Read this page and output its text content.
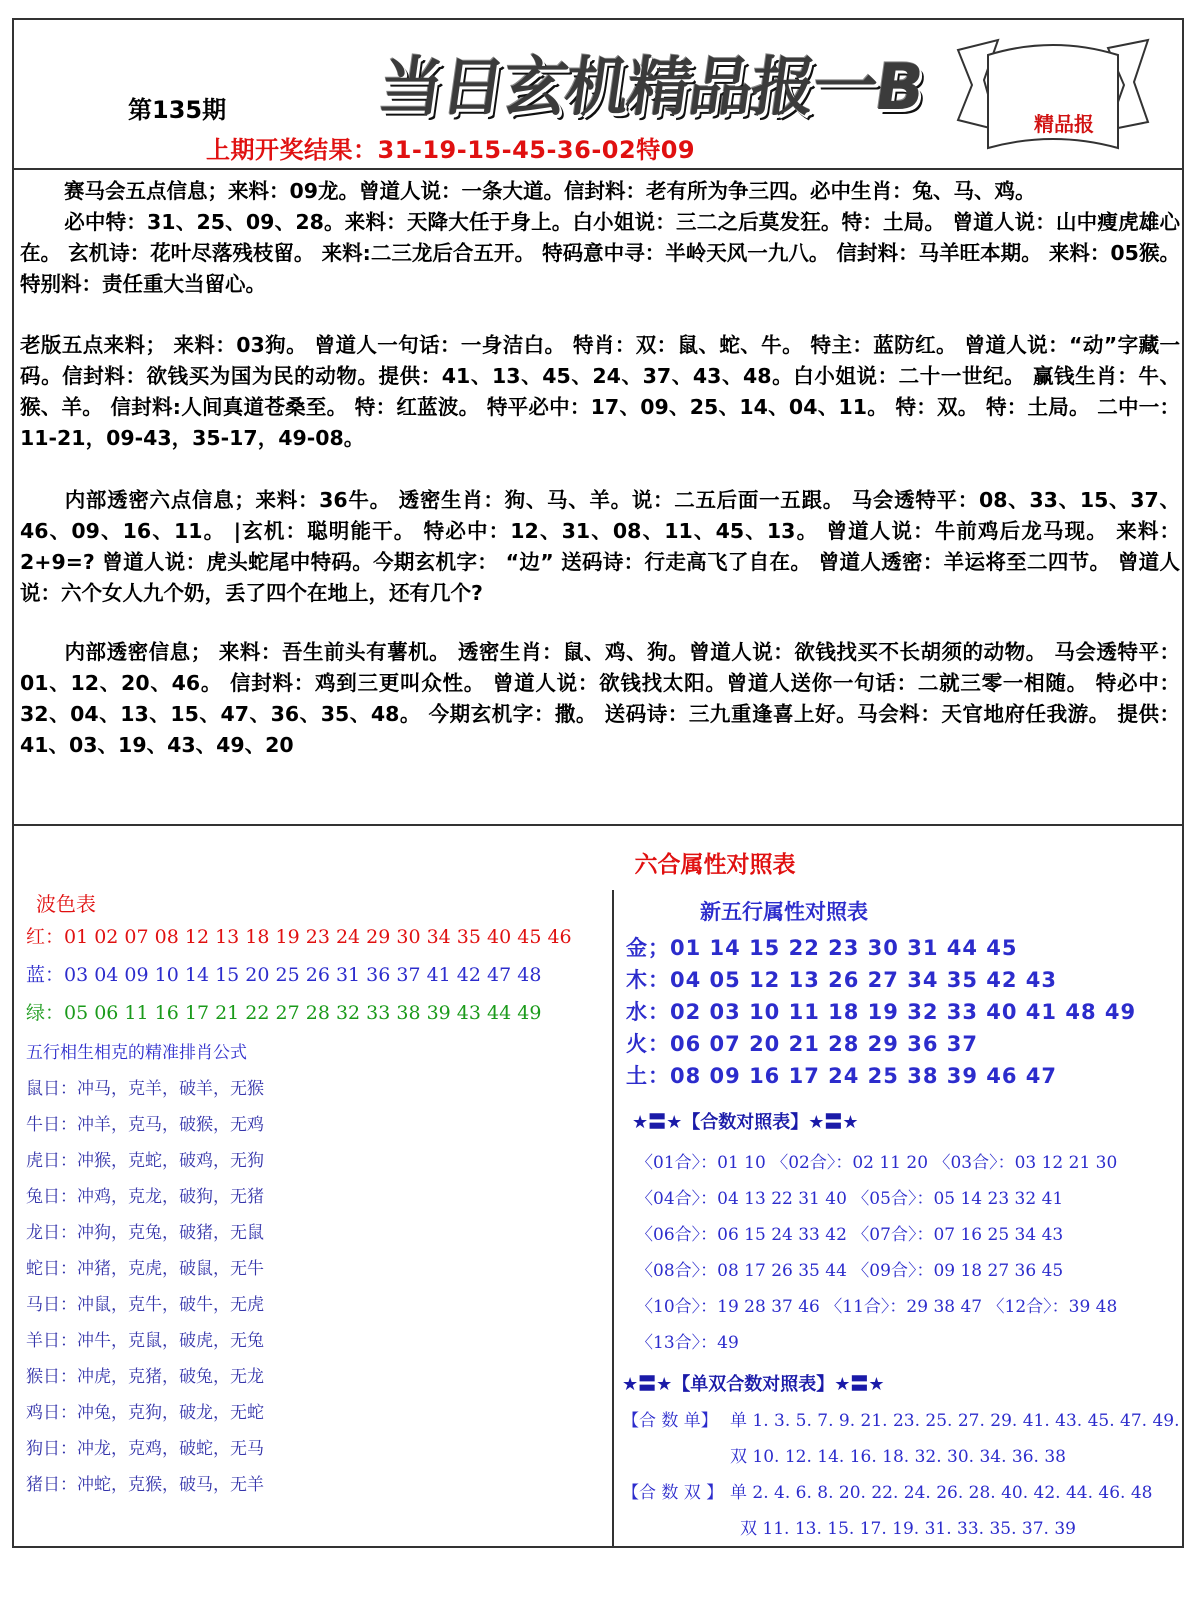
第135期 当日玄机精品报一B
上期开奖结果：31-19-15-45-36-02特09
精品报
赛马会五点信息；来料：09龙。曾道人说：一条大道。信封料：老有所为争三四。必中生肖：兔、马、鸡。
必中特：31、25、09、28。来料：天降大任于身上。白小姐说：三二之后莫发狂。特：土局。 曾道人说：山中瘦虎雄心在。 玄机诗：花叶尽落残枝留。 来料:二三龙后合五开。 特码意中寻：半岭天风一九八。 信封料：马羊旺本期。 来料：05猴。 特别料：责任重大当留心。
老版五点来料； 来料：03狗。 曾道人一句话：一身洁白。 特肖：双：鼠、蛇、牛。 特主：蓝防红。 曾道人说：“动”字藏一码。信封料：欲钱买为国为民的动物。提供：41、13、45、24、37、43、48。白小姐说：二十一世纪。 赢钱生肖：牛、猴、羊。 信封料:人间真道苍桑至。 特：红蓝波。 特平必中：17、09、25、14、04、11。 特：双。 特：土局。 二中一：11-21，09-43，35-17，49-08。
内部透密六点信息；来料：36牛。 透密生肖：狗、马、羊。说：二五后面一五跟。 马会透特平：08、33、15、37、46、09、16、11。 |玄机：聪明能干。 特必中：12、31、08、11、45、13。 曾道人说：牛前鸡后龙马现。 来料：2+9=? 曾道人说：虎头蛇尾中特码。今期玄机字： “边” 送码诗：行走高飞了自在。 曾道人透密：羊运将至二四节。 曾道人说：六个女人九个奶，丢了四个在地上，还有几个?
内部透密信息； 来料：吾生前头有薯机。 透密生肖：鼠、鸡、狗。曾道人说：欲钱找买不长胡须的动物。 马会透特平：01、12、20、46。 信封料：鸡到三更叫众性。 曾道人说：欲钱找太阳。曾道人送你一句话：二就三零一相随。 特必中：32、04、13、15、47、36、35、48。 今期玄机字：撒。 送码诗：三九重逢喜上好。马会料：天官地府任我游。 提供：41、03、19、43、49、20
六合属性对照表
波色表
红：01 02 07 08 12 13 18 19 23 24 29 30 34 35 40 45 46
蓝：03 04 09 10 14 15 20 25 26 31 36 37 41 42 47 48
绿：05 06 11 16 17 21 22 27 28 32 33 38 39 43 44 49
五行相生相克的精准排肖公式
鼠日：冲马，克羊，破羊，无猴
牛日：冲羊，克马，破猴，无鸡
虎日：冲猴，克蛇，破鸡，无狗
兔日：冲鸡，克龙，破狗，无猪
龙日：冲狗，克兔，破猪，无鼠
蛇日：冲猪，克虎，破鼠，无牛
马日：冲鼠，克牛，破牛，无虎
羊日：冲牛，克鼠，破虎，无兔
猴日：冲虎，克猪，破兔，无龙
鸡日：冲兔，克狗，破龙，无蛇
狗日：冲龙，克鸡，破蛇，无马
猪日：冲蛇，克猴，破马，无羊
新五行属性对照表
金；01 14 15 22 23 30 31 44 45
木：04 05 12 13 26 27 34 35 42 43
水：02 03 10 11 18 19 32 33 40 41 48 49
火：06 07 20 21 28 29 36 37
土：08 09 16 17 24 25 38 39 46 47
★〓★【合数对照表】★〓★
〈01合〉：01 10 〈02合〉：02 11 20 〈03合〉：03 12 21 30
〈04合〉：04 13 22 31 40 〈05合〉：05 14 23 32 41
〈06合〉：06 15 24 33 42 〈07合〉：07 16 25 34 43
〈08合〉：08 17 26 35 44 〈09合〉：09 18 27 36 45
〈10合〉：19 28 37 46 〈11合〉：29 38 47 〈12合〉：39 48
〈13合〉：49
★〓★【单双合数对照表】★〓★
【合 数 单】 单 1. 3. 5. 7. 9. 21. 23. 25. 27. 29. 41. 43. 45. 47. 49.
双 10. 12. 14. 16. 18. 32. 30. 34. 36. 38
【合 数 双 】 单 2. 4. 6. 8. 20. 22. 24. 26. 28. 40. 42. 44. 46. 48
双 11. 13. 15. 17. 19. 31. 33. 35. 37. 39
